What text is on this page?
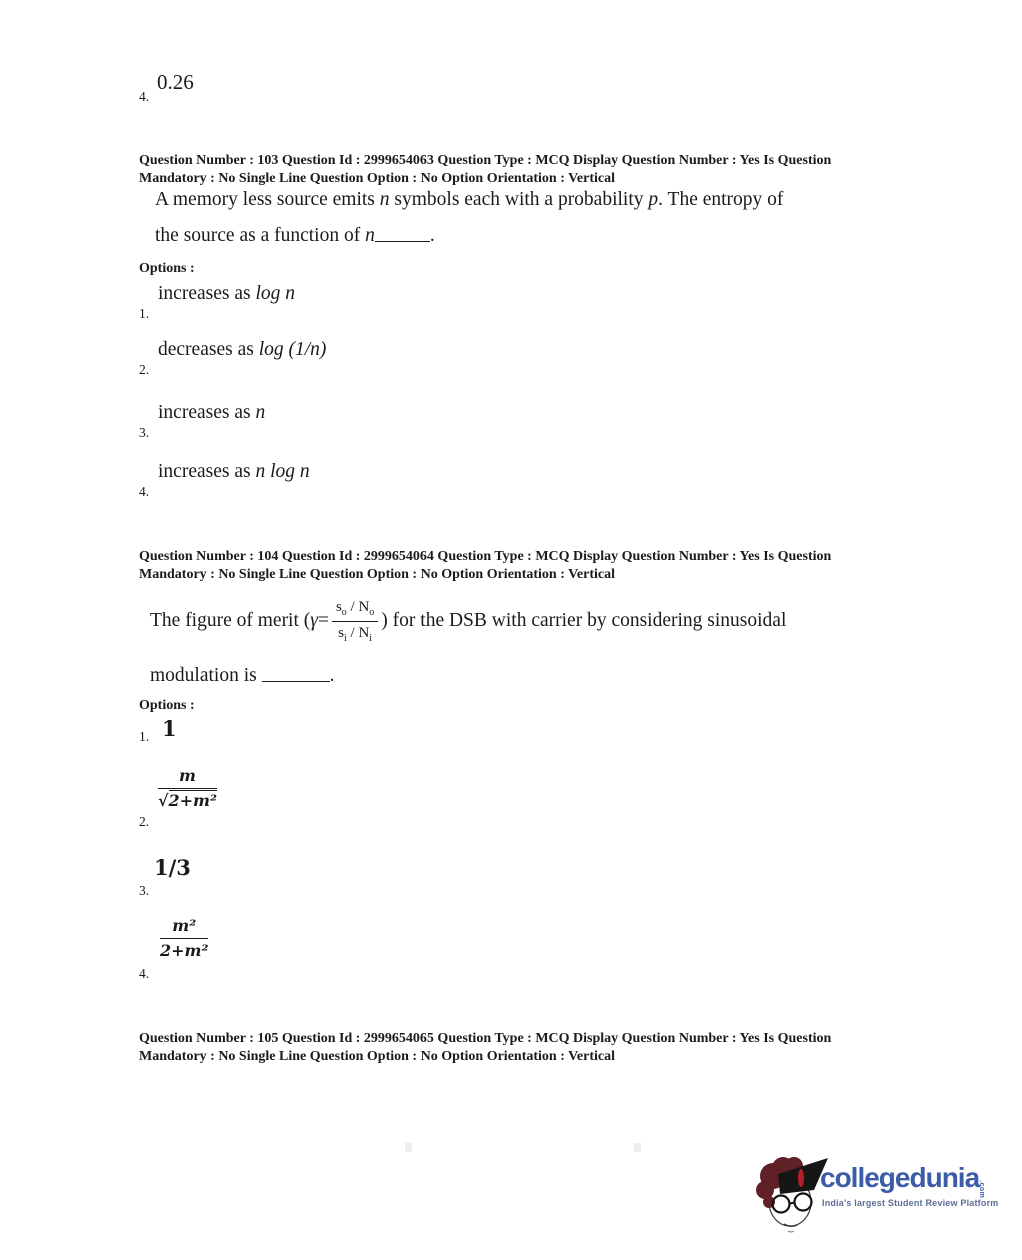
0.26
4.
Question Number : 103 Question Id : 2999654063 Question Type : MCQ Display Question Number : Yes Is Question
Mandatory : No Single Line Question Option : No Option Orientation : Vertical
A memory less source emits n symbols each with a probability p. The entropy of
the source as a function of n	.
Options :
increases as log n
1.
decreases as log (1/n)
2.
increases as n
3.
increases as n log n
4.
Question Number : 104 Question Id : 2999654064 Question Type : MCQ Display Question Number : Yes Is Question
Mandatory : No Single Line Question Option : No Option Orientation : Vertical
The figure of merit ( $\gamma = \frac{s_o / N_o}{s_i / N_i}$ ) for the DSB with carrier by considering sinusoidal
modulation is	.
Options :
1
1.
$\frac{m}{\text{√2+m²}}$
2.
1/3
3.
$\frac{\text{m²}}{\text{2+m²}}$
4.
Question Number : 105 Question Id : 2999654065 Question Type : MCQ Display Question Number : Yes Is Question
Mandatory : No Single Line Question Option : No Option Orientation : Vertical
collegedunia
.com
India's largest Student Review Platform
